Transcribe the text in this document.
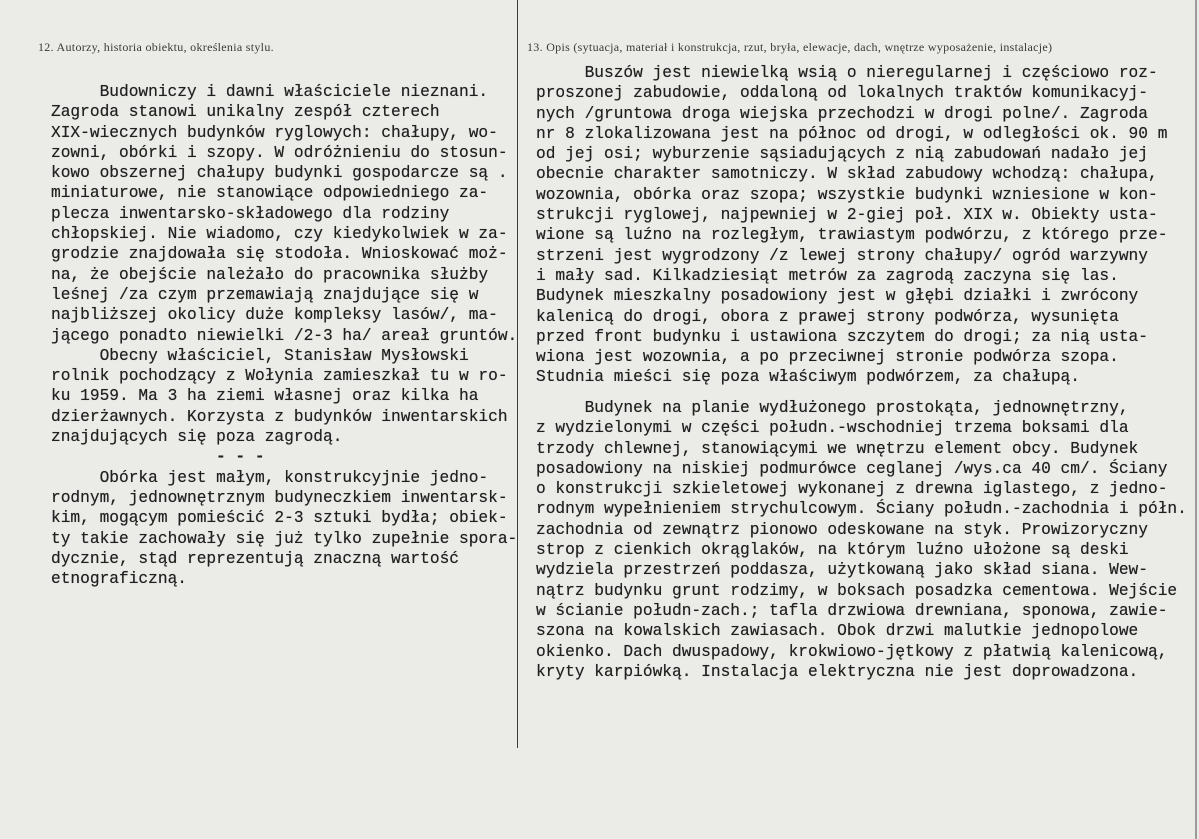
12. Autorzy, historia obiektu, określenia stylu.	13. Opis (sytuacja, materiał i konstrukcja, rzut, bryła, elewacje, dach, wnętrze wyposażenie, instalacje)
Budowniczy i dawni właściciele nieznani.
Zagroda stanowi unikalny zespół czterech
XIX-wiecznych budynków ryglowych: chałupy, wo-
zowni, obórki i szopy. W odróżnieniu do stosun-
kowo obszernej chałupy budynki gospodarcze są .
miniaturowe, nie stanowiące odpowiedniego za-
plecza inwentarsko-składowego dla rodziny
chłopskiej. Nie wiadomo, czy kiedykolwiek w za-
grodzie znajdowała się stodoła. Wnioskować moż-
na, że obejście należało do pracownika służby
leśnej /za czym przemawiają znajdujące się w
najbliższej okolicy duże kompleksy lasów/, ma-
jącego ponadto niewielki /2-3 ha/ areał gruntów.
Obecny właściciel, Stanisław Mysłowski
rolnik pochodzący z Wołynia zamieszkał tu w ro-
ku 1959. Ma 3 ha ziemi własnej oraz kilka ha
dzierżawnych. Korzysta z budynków inwentarskich
znajdujących się poza zagrodą.
- - -
Obórka jest małym, konstrukcyjnie jedno-
rodnym, jednownętrznym budyneczkiem inwentarsk-
kim, mogącym pomieścić 2-3 sztuki bydła; obiek-
ty takie zachowały się już tylko zupełnie spora-
dycznie, stąd reprezentują znaczną wartość
etnograficzną.
Buszów jest niewielką wsią o nieregularnej i częściowo roz-
proszonej zabudowie, oddaloną od lokalnych traktów komunikacyj-
nych /gruntowa droga wiejska przechodzi w drogi polne/. Zagroda
nr 8 zlokalizowana jest na północ od drogi, w odległości ok. 90 m
od jej osi; wyburzenie sąsiadujących z nią zabudowań nadało jej
obecnie charakter samotniczy. W skład zabudowy wchodzą: chałupa,
wozownia, obórka oraz szopa; wszystkie budynki wzniesione w kon-
strukcji ryglowej, najpewniej w 2-giej poł. XIX w. Obiekty usta-
wione są luźno na rozległym, trawiastym podwórzu, z którego prze-
strzeni jest wygrodzony /z lewej strony chałupy/ ogród warzywny
i mały sad. Kilkadziesiąt metrów za zagrodą zaczyna się las.
Budynek mieszkalny posadowiony jest w głębi działki i zwrócony
kalenicą do drogi, obora z prawej strony podwórza, wysunięta
przed front budynku i ustawiona szczytem do drogi; za nią usta-
wiona jest wozownia, a po przeciwnej stronie podwórza szopa.
Studnia mieści się poza właściwym podwórzem, za chałupą.
Budynek na planie wydłużonego prostokąta, jednownętrzny,
z wydzielonymi w części połudn.-wschodniej trzema boksami dla
trzody chlewnej, stanowiącymi we wnętrzu element obcy. Budynek
posadowiony na niskiej podmurówce ceglanej /wys.ca 40 cm/. Ściany
o konstrukcji szkieletowej wykonanej z drewna iglastego, z jedno-
rodnym wypełnieniem strychulcowym. Ściany połudn.-zachodnia i półn.
zachodnia od zewnątrz pionowo odeskowane na styk. Prowizoryczny
strop z cienkich okrąglaków, na którym luźno ułożone są deski
wydziela przestrzeń poddasza, użytkowaną jako skład siana. Wew-
nątrz budynku grunt rodzimy, w boksach posadzka cementowa. Wejście
w ścianie połudn-zach.; tafla drzwiowa drewniana, sponowa, zawie-
szona na kowalskich zawiasach. Obok drzwi malutkie jednopolowe
okienko. Dach dwuspadowy, krokwiowo-jętkowy z płatwią kalenicową,
kryty karpiówką. Instalacja elektryczna nie jest doprowadzona.
